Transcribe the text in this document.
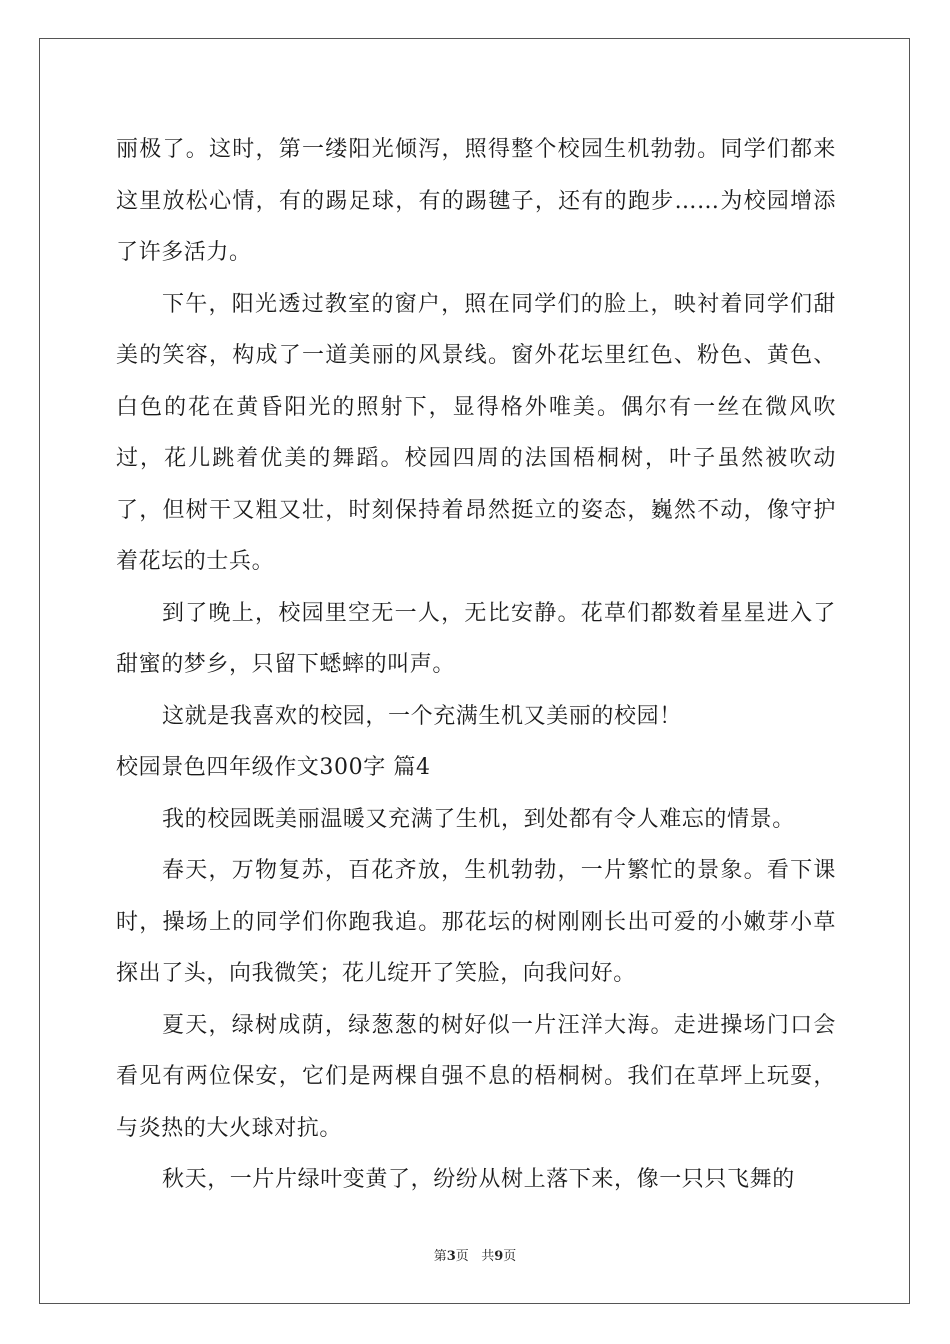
丽极了。这时，第一缕阳光倾泻，照得整个校园生机勃勃。同学们都来这里放松心情，有的踢足球，有的踢毽子，还有的跑步……为校园增添了许多活力。

下午，阳光透过教室的窗户，照在同学们的脸上，映衬着同学们甜美的笑容，构成了一道美丽的风景线。窗外花坛里红色、粉色、黄色、白色的花在黄昏阳光的照射下，显得格外唯美。偶尔有一丝在微风吹过，花儿跳着优美的舞蹈。校园四周的法国梧桐树，叶子虽然被吹动了，但树干又粗又壮，时刻保持着昂然挺立的姿态，巍然不动，像守护着花坛的士兵。

到了晚上，校园里空无一人，无比安静。花草们都数着星星进入了甜蜜的梦乡，只留下蟋蟀的叫声。

这就是我喜欢的校园，一个充满生机又美丽的校园！

校园景色四年级作文300字 篇4

我的校园既美丽温暖又充满了生机，到处都有令人难忘的情景。

春天，万物复苏，百花齐放，生机勃勃，一片繁忙的景象。看下课时，操场上的同学们你跑我追。那花坛的树刚刚长出可爱的小嫩芽小草探出了头，向我微笑；花儿绽开了笑脸，向我问好。

夏天，绿树成荫，绿葱葱的树好似一片汪洋大海。走进操场门口会看见有两位保安，它们是两棵自强不息的梧桐树。我们在草坪上玩耍，与炎热的大火球对抗。

秋天，一片片绿叶变黄了，纷纷从树上落下来，像一只只飞舞的

第3页   共9页
